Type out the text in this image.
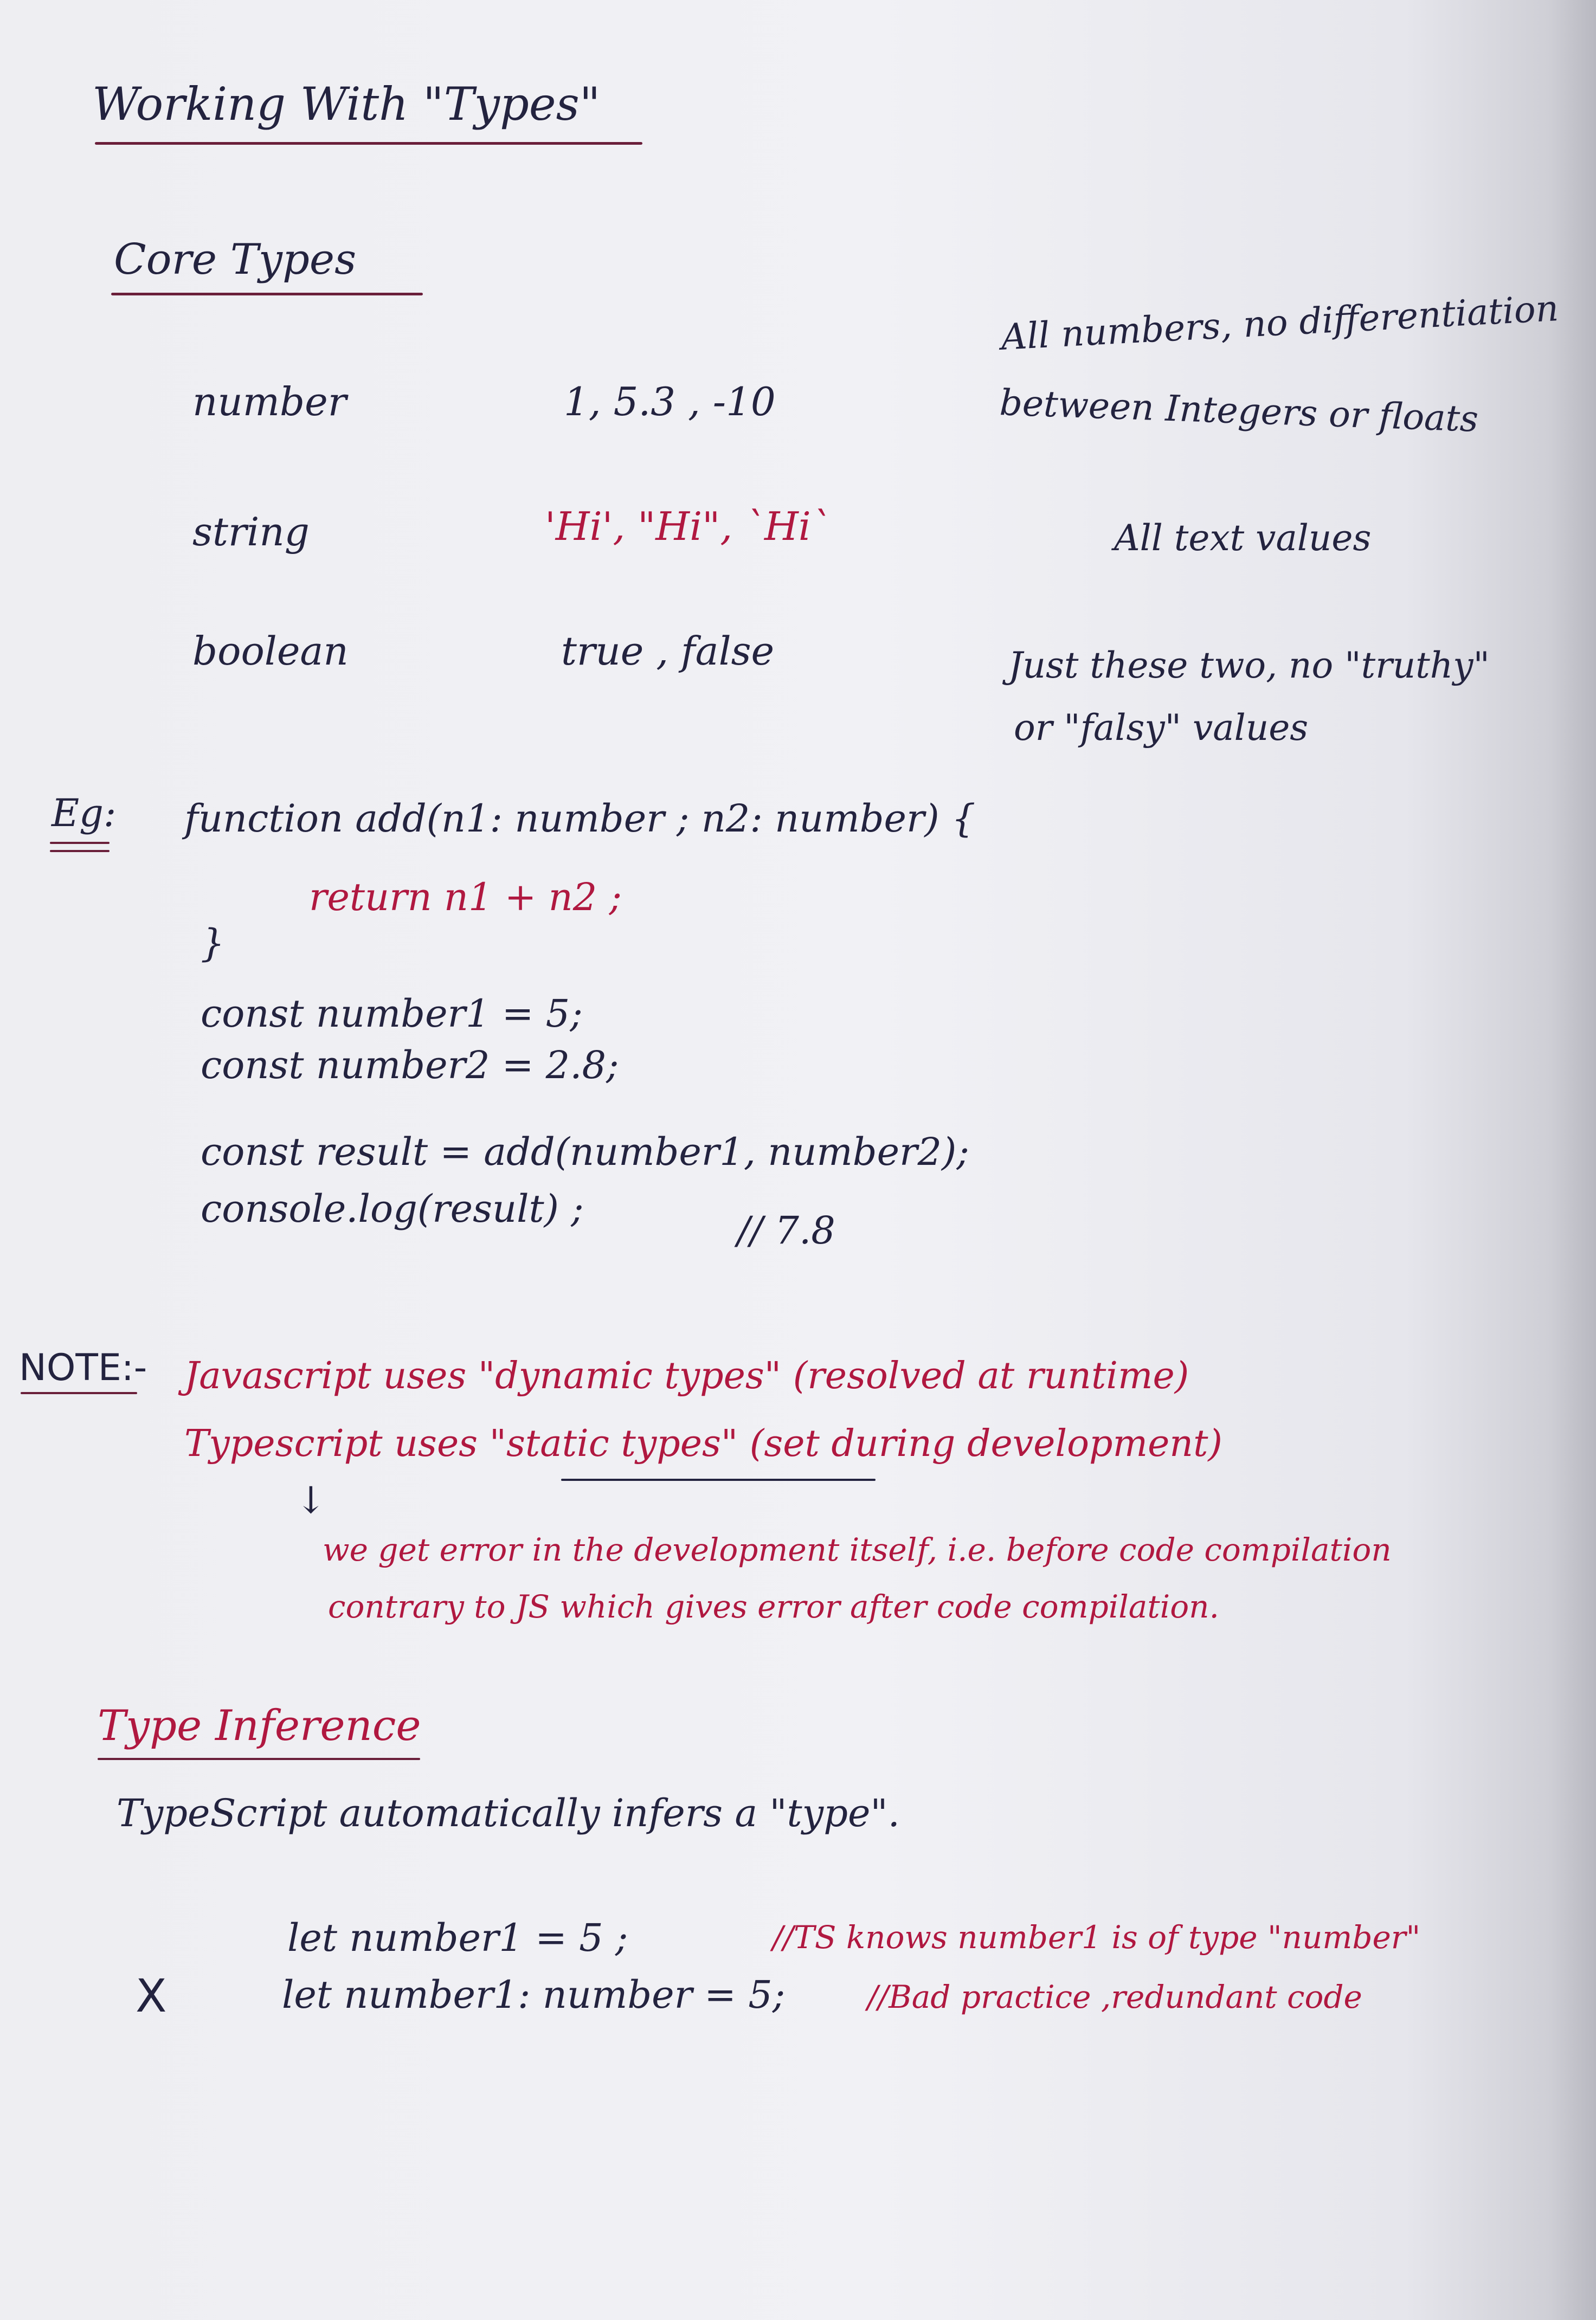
Working With "Types"
Core Types
number	1, 5.3 , -10
All numbers, no differentiation
between Integers or floats
string	'Hi', "Hi", `Hi`	All text values
boolean	true , false	Just these two, no "truthy"
or "falsy" values
Eg: function add(n1: number ; n2: number) {
return n1 + n2 ;
}
const number1 = 5;
const number2 = 2.8;
const result = add(number1, number2);
console.log(result) ;	// 7.8
NOTE:- Javascript uses "dynamic types" (resolved at runtime)
Typescript uses "static types" (set during development)
↓
we get error in the development itself, i.e. before code compilation
contrary to JS which gives error after code compilation.
Type Inference
TypeScript automatically infers a "type".
let number1 = 5 ;	//TS knows number1 is of type "number"
X	let number1: number = 5;	//Bad practice ,redundant code
